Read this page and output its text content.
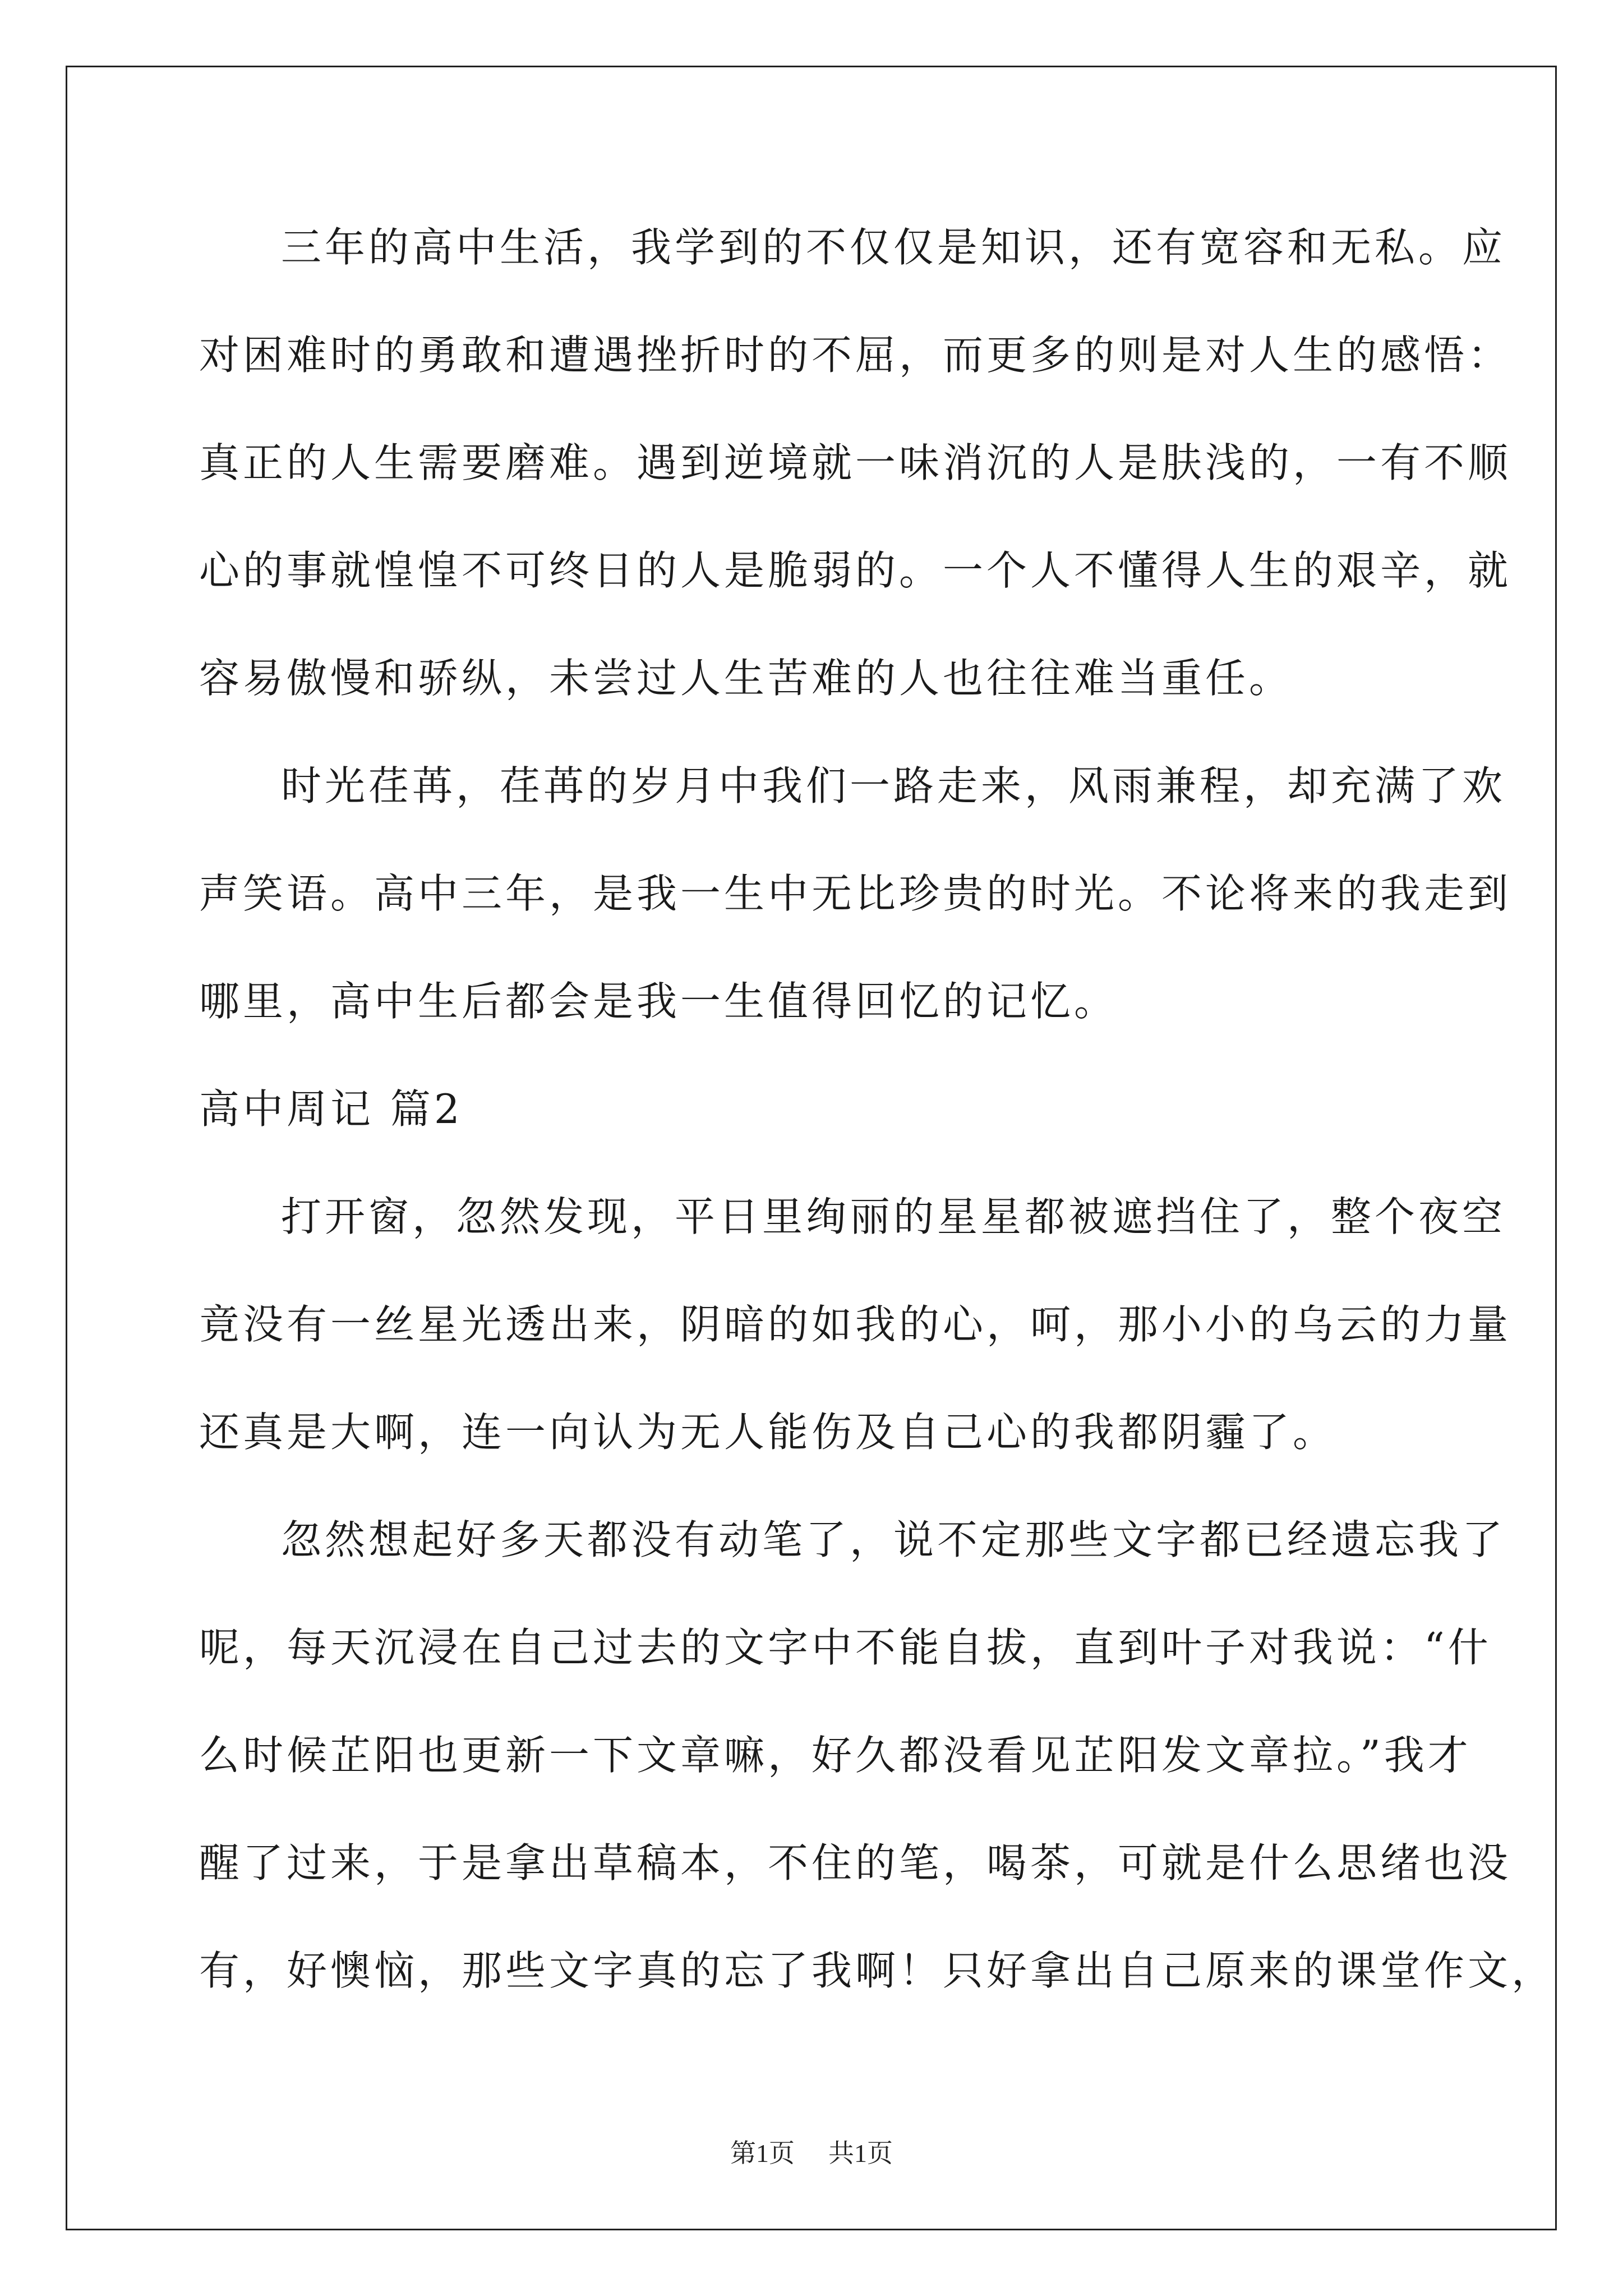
三年的高中生活，我学到的不仅仅是知识，还有宽容和无私。应
对困难时的勇敢和遭遇挫折时的不屈，而更多的则是对人生的感悟：
真正的人生需要磨难。遇到逆境就一味消沉的人是肤浅的，一有不顺
心的事就惶惶不可终日的人是脆弱的。一个人不懂得人生的艰辛，就
容易傲慢和骄纵，未尝过人生苦难的人也往往难当重任。
时光荏苒，荏苒的岁月中我们一路走来，风雨兼程，却充满了欢
声笑语。高中三年，是我一生中无比珍贵的时光。不论将来的我走到
哪里，高中生后都会是我一生值得回忆的记忆。
高中周记 篇2
打开窗，忽然发现，平日里绚丽的星星都被遮挡住了，整个夜空
竟没有一丝星光透出来，阴暗的如我的心，呵，那小小的乌云的力量
还真是大啊，连一向认为无人能伤及自己心的我都阴霾了。
忽然想起好多天都没有动笔了，说不定那些文字都已经遗忘我了
呢，每天沉浸在自己过去的文字中不能自拔，直到叶子对我说：“什
么时候芷阳也更新一下文章嘛，好久都没看见芷阳发文章拉。”我才
醒了过来，于是拿出草稿本，不住的笔，喝茶，可就是什么思绪也没
有，好懊恼，那些文字真的忘了我啊！只好拿出自己原来的课堂作文，
第1页 共1页
